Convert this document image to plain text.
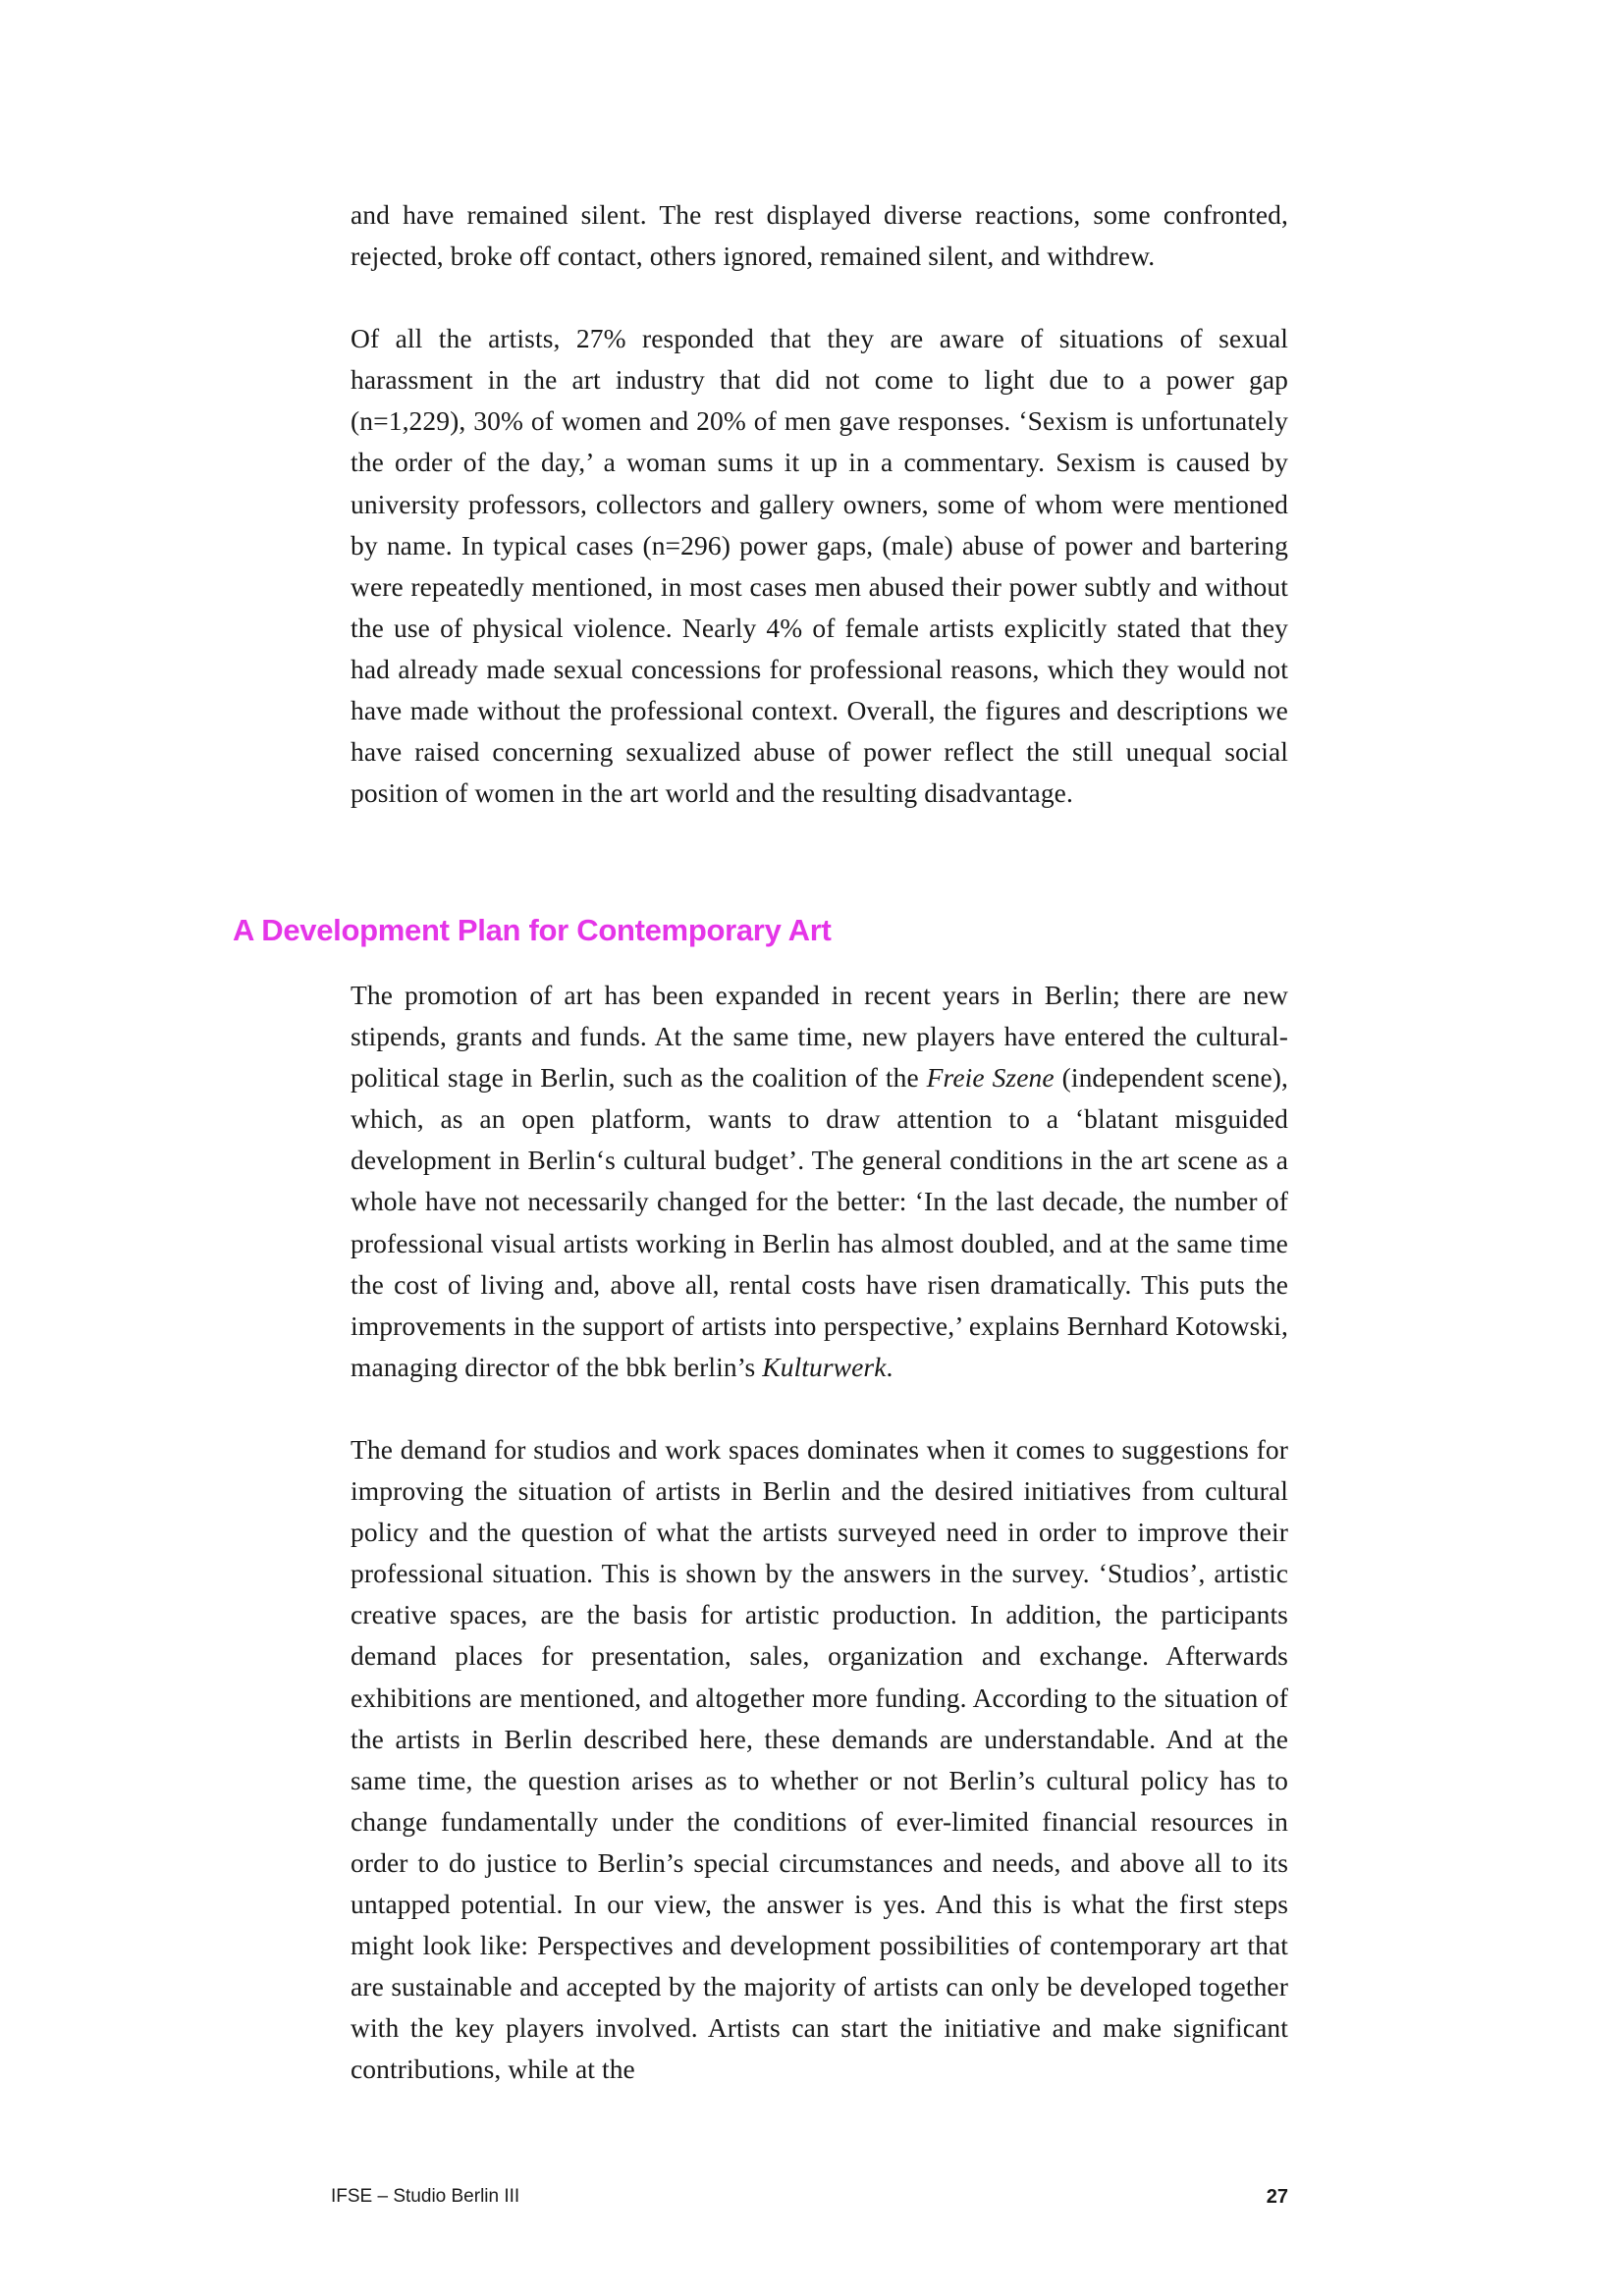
and have remained silent. The rest displayed diverse reactions, some confronted, rejected, broke off contact, others ignored, remained silent, and withdrew.

Of all the artists, 27% responded that they are aware of situations of sexual harassment in the art industry that did not come to light due to a power gap (n=1,229), 30% of women and 20% of men gave responses. ‘Sexism is unfortunately the order of the day,’ a woman sums it up in a commentary. Sexism is caused by university professors, collectors and gallery owners, some of whom were mentioned by name. In typical cases (n=296) power gaps, (male) abuse of power and bartering were repeatedly mentioned, in most cases men abused their power subtly and without the use of physical violence. Nearly 4% of female artists explicitly stated that they had already made sexual concessions for professional reasons, which they would not have made without the professional context. Overall, the figures and descriptions we have raised concerning sexualized abuse of power reflect the still unequal social position of women in the art world and the resulting disadvantage.

A Development Plan for Contemporary Art

The promotion of art has been expanded in recent years in Berlin; there are new stipends, grants and funds. At the same time, new players have entered the cultural-political stage in Berlin, such as the coalition of the Freie Szene (independent scene), which, as an open platform, wants to draw attention to a ‘blatant misguided development in Berlin‘s cultural budget’. The general conditions in the art scene as a whole have not necessarily changed for the better: ‘In the last decade, the number of professional visual artists working in Berlin has almost doubled, and at the same time the cost of living and, above all, rental costs have risen dramatically. This puts the improvements in the support of artists into perspective,’ explains Bernhard Kotowski, managing director of the bbk berlin’s Kulturwerk.

The demand for studios and work spaces dominates when it comes to suggestions for improving the situation of artists in Berlin and the desired initiatives from cultural policy and the question of what the artists surveyed need in order to improve their professional situation. This is shown by the answers in the survey. ‘Studios’, artistic creative spaces, are the basis for artistic production. In addition, the participants demand places for presentation, sales, organization and exchange. Afterwards exhibitions are mentioned, and altogether more funding. According to the situation of the artists in Berlin described here, these demands are understandable. And at the same time, the question arises as to whether or not Berlin’s cultural policy has to change fundamentally under the conditions of ever-limited financial resources in order to do justice to Berlin’s special circumstances and needs, and above all to its untapped potential. In our view, the answer is yes. And this is what the first steps might look like: Perspectives and development possibilities of contemporary art that are sustainable and accepted by the majority of artists can only be developed together with the key players involved. Artists can start the initiative and make significant contributions, while at the

IFSE – Studio Berlin III	27
